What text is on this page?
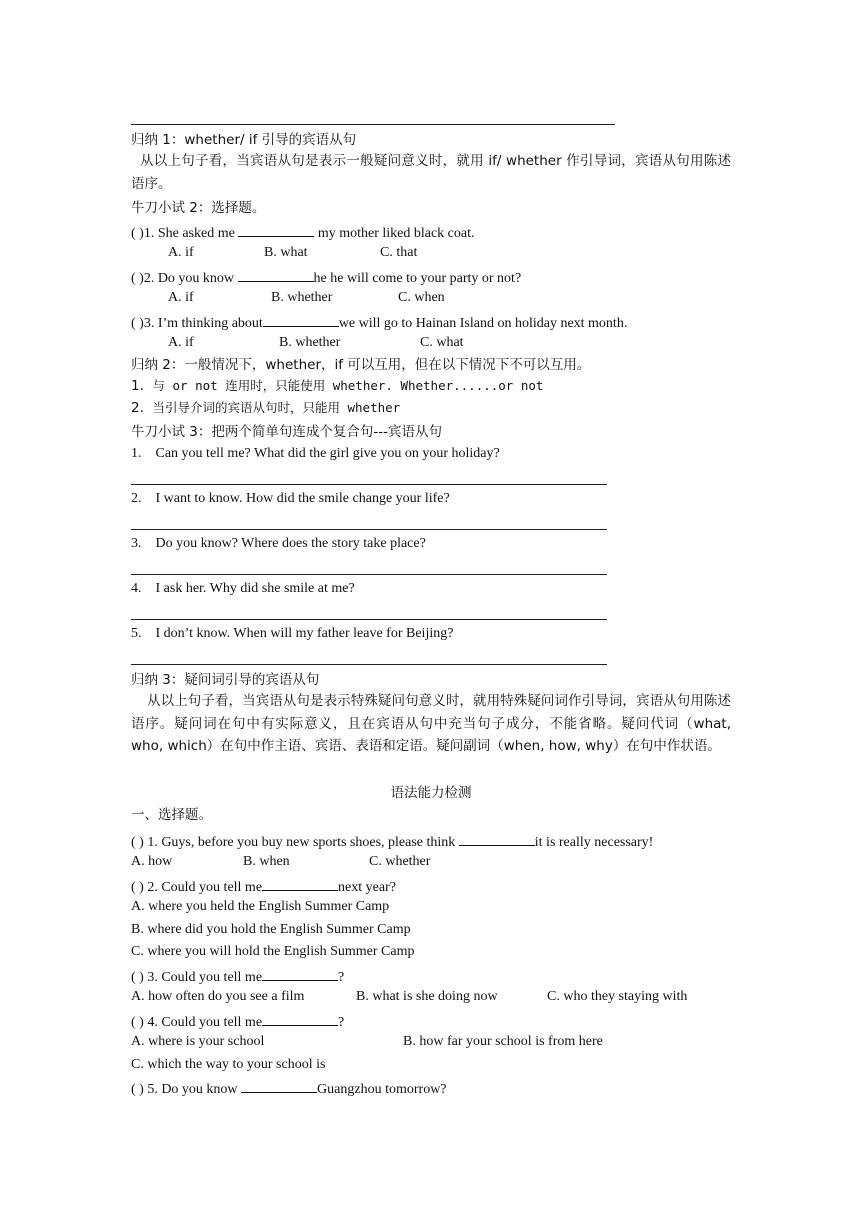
归纳 1：whether/ if 引导的宾语从句
从以上句子看，当宾语从句是表示一般疑问意义时，就用 if/ whether 作引导词，宾语从句用陈述语序。
牛刀小试 2：选择题。
( )1. She asked me	my mother liked black coat.
A. if	B. what	C. that
( )2. Do you know	he he will come to your party or not?
A. if	B. whether	C. when
( )3. I’m thinking about	we will go to Hainan Island on holiday next month.
A. if	B. whether	C. what
归纳 2：一般情况下，whether，if 可以互用，但在以下情况下不可以互用。
1. 与 or not 连用时，只能使用 whether. Whether......or not
2. 当引导介词的宾语从句时，只能用 whether
牛刀小试 3：把两个简单句连成个复合句---宾语从句
1. Can you tell me? What did the girl give you on your holiday?
2. I want to know. How did the smile change your life?
3. Do you know? Where does the story take place?
4. I ask her. Why did she smile at me?
5. I don’t know. When will my father leave for Beijing?
归纳 3：疑问词引导的宾语从句
从以上句子看，当宾语从句是表示特殊疑问句意义时，就用特殊疑问词作引导词，宾语从句用陈述语序。疑问词在句中有实际意义，且在宾语从句中充当句子成分，不能省略。疑问代词（what, who, which）在句中作主语、宾语、表语和定语。疑问副词（when, how, why）在句中作状语。
语法能力检测
一、选择题。
( ) 1. Guys, before you buy new sports shoes, please think	it is really necessary!
A. how	B. when	C. whether
( ) 2. Could you tell me	next year?
A. where you held the English Summer Camp
B. where did you hold the English Summer Camp
C. where you will hold the English Summer Camp
( ) 3. Could you tell me	?
A. how often do you see a film	B. what is she doing now	C. who they staying with
( ) 4. Could you tell me	?
A. where is your school	B. how far your school is from here
C. which the way to your school is
( ) 5. Do you know	Guangzhou tomorrow?
